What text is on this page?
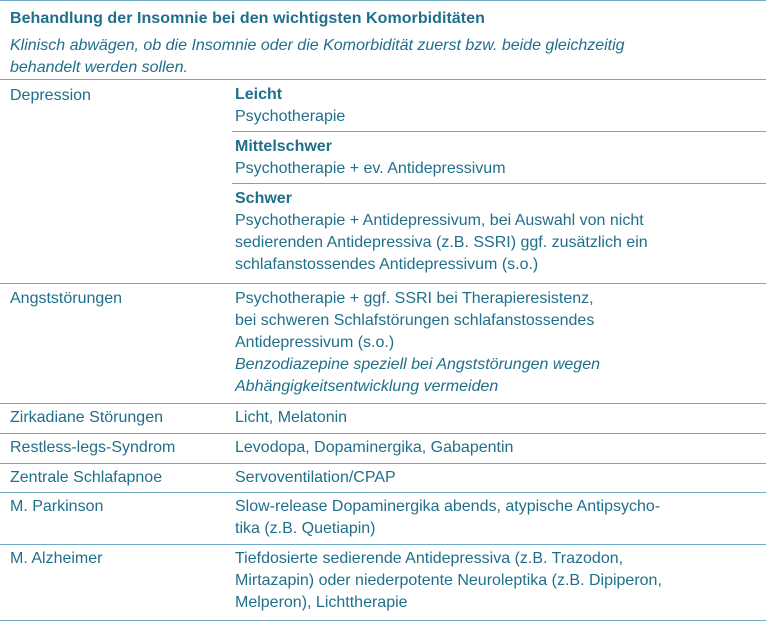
Behandlung der Insomnie bei den wichtigsten Komorbiditäten
Klinisch abwägen, ob die Insomnie oder die Komorbidität zuerst bzw. beide gleichzeitig
behandelt werden sollen.
Depression	Leicht
Psychotherapie
Mittelschwer
Psychotherapie + ev. Antidepressivum
Schwer
Psychotherapie + Antidepressivum, bei Auswahl von nicht
sedierenden Antidepressiva (z.B. SSRI) ggf. zusätzlich ein
schlafanstossendes Antidepressivum (s.o.)
Angststörungen	Psychotherapie + ggf. SSRI bei Therapieresistenz,
bei schweren Schlafstörungen schlafanstossendes
Antidepressivum (s.o.)
Benzodiazepine speziell bei Angststörungen wegen
Abhängigkeitsentwicklung vermeiden
Zirkadiane Störungen	Licht, Melatonin
Restless-legs-Syndrom	Levodopa, Dopaminergika, Gabapentin
Zentrale Schlafapnoe	Servoventilation/CPAP
M. Parkinson	Slow-release Dopaminergika abends, atypische Antipsycho-
tika (z.B. Quetiapin)
M. Alzheimer	Tiefdosierte sedierende Antidepressiva (z.B. Trazodon,
Mirtazapin) oder niederpotente Neuroleptika (z.B. Dipiperon,
Melperon), Lichttherapie
